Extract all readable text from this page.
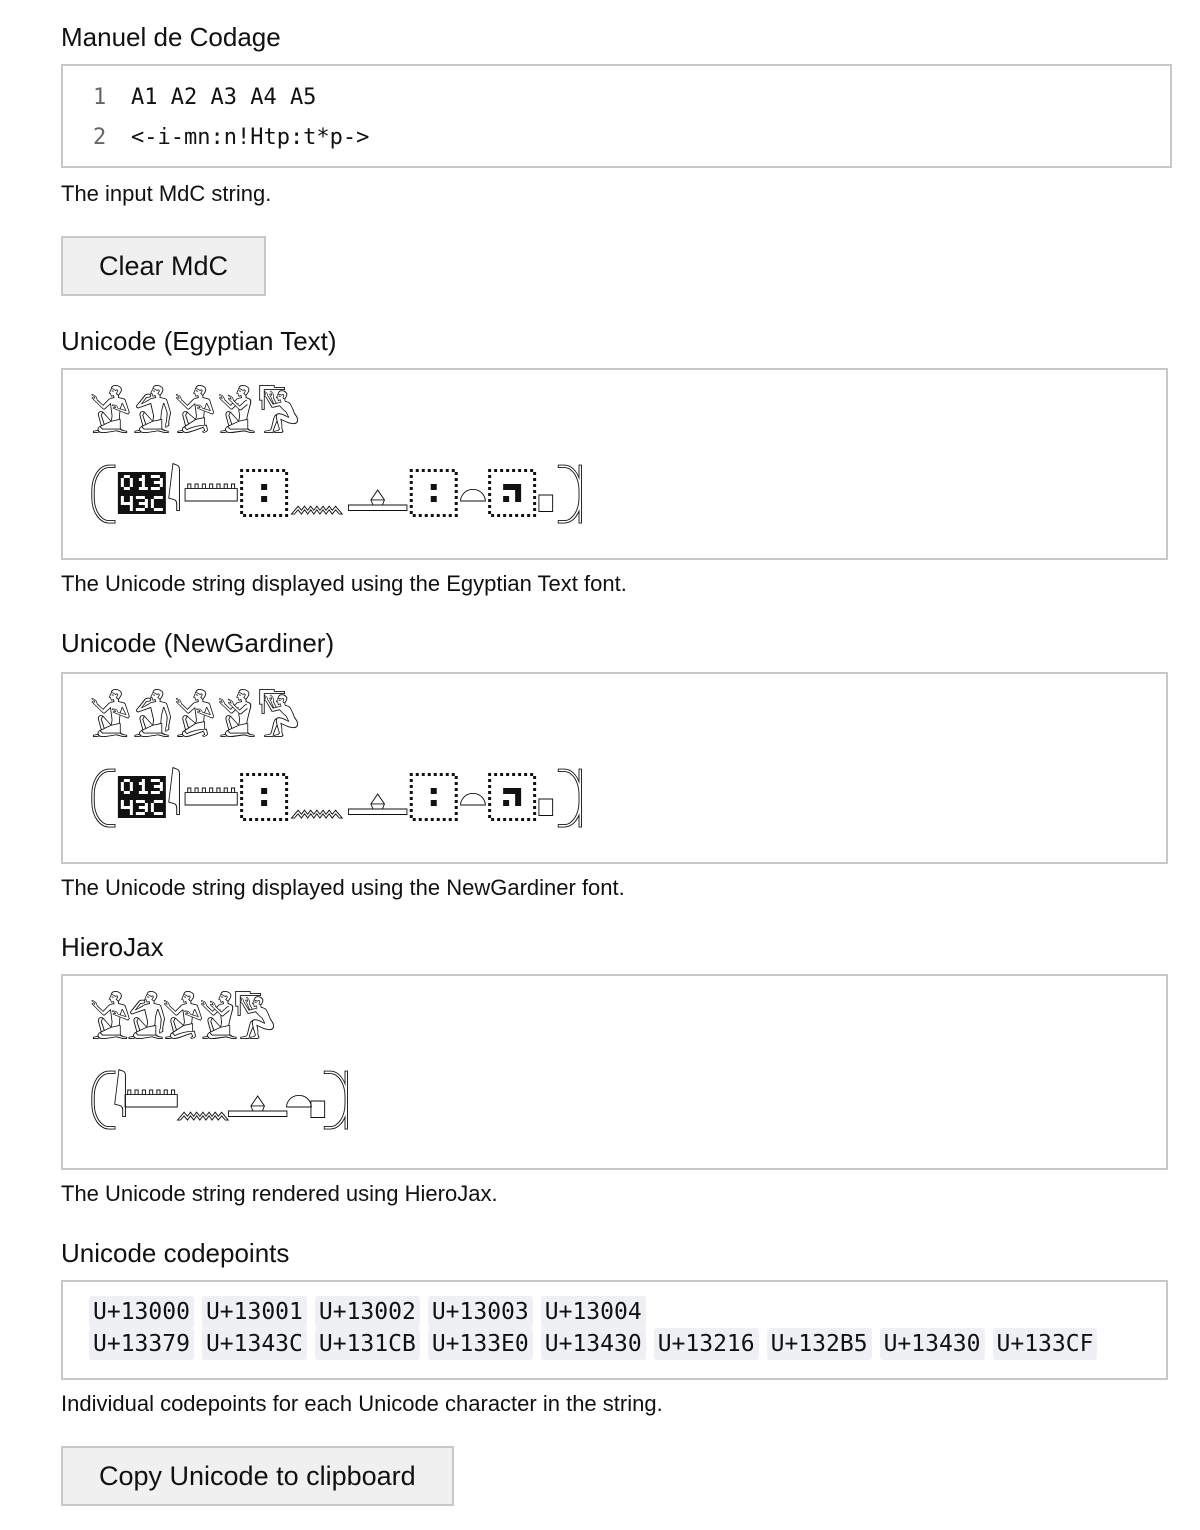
Manuel de Codage
1 A1 A2 A3 A4 A5
2 <-i-mn:n!Htp:t*p->
The input MdC string.
Clear MdC
Unicode (Egyptian Text)
𓀀𓀁𓀂𓀃𓀄
𓍹𓐼𓇋𓏠𓐰𓈖𓊵𓐰𓏏𓐳𓊪𓍺
The Unicode string displayed using the Egyptian Text font.
Unicode (NewGardiner)
𓀀𓀁𓀂𓀃𓀄
𓍹𓐼𓇋𓏠𓐰𓈖𓊵𓐰𓏏𓐳𓊪𓍺
The Unicode string displayed using the NewGardiner font.
HieroJax
𓀀𓀁𓀂𓀃𓀄
𓍹𓇋𓏠𓈖𓊵𓏏𓊪𓍺
The Unicode string rendered using HieroJax.
Unicode codepoints
U+13000 U+13001 U+13002 U+13003 U+13004
U+13379 U+1343C U+131CB U+133E0 U+13430 U+13216 U+132B5 U+13430 U+133CF
Individual codepoints for each Unicode character in the string.
Copy Unicode to clipboard
